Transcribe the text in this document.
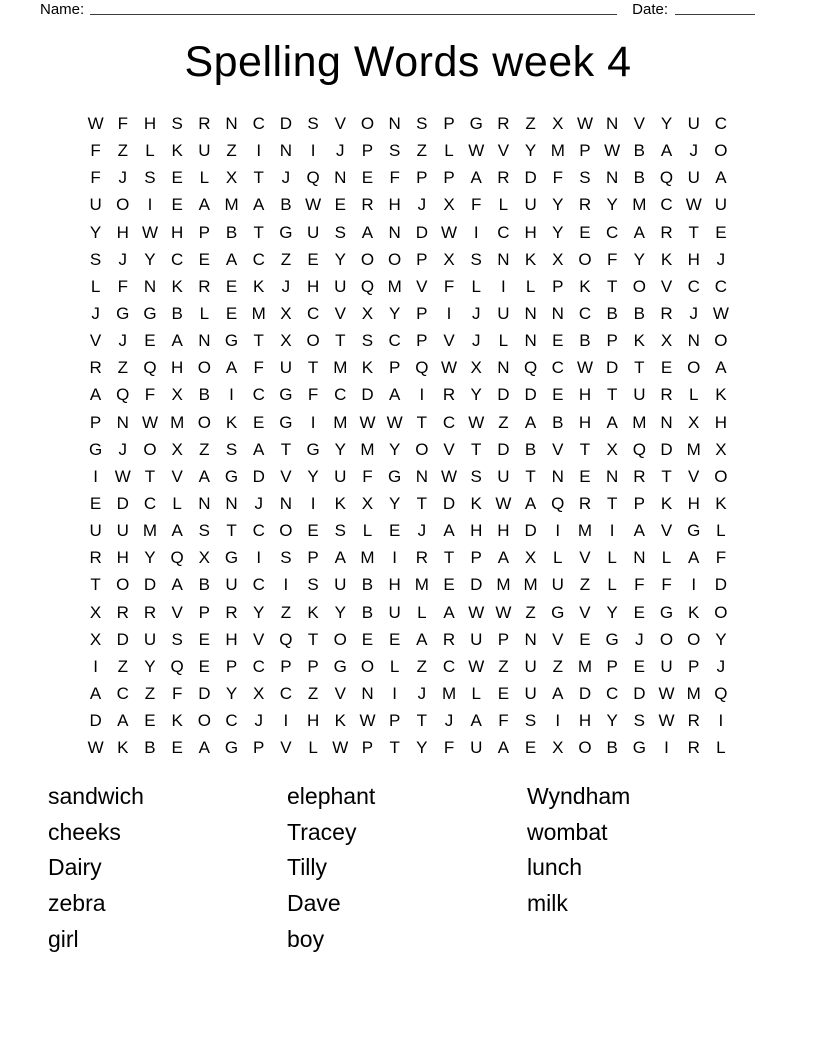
Name:	Date:
Spelling Words week 4
W F H S R N C D S V O N S P G R Z X W N V Y U C
F Z	L K U Z	I	N	I	J	P S Z	L W V Y M P W B A	J O
F	J	S E L X T	J Q N E F P P A R D F S N B Q U A
U O	I	E A M A B W E R H J	X F	L U Y R Y M C W U
Y H W H P B T G U S A N D W I	C H Y E C A R T E
S	J	Y C E A C Z E Y O O P X S N K X O F Y K H J
L	F N K R E K	J H U Q M V F	L	I	L P K T O V C C
J G G B L E M X C V X Y P	I	J U N N C B B R J W
V	J	E A N G T X O T S C P V	J	L N E B P K X N O
R Z Q H O A F U T M K P Q W X N Q C W D T E O A
A Q F X B	I	C G F C D A	I	R Y D D E H T U R L K
P N W M O K E G	I	M W W T C W Z A B H A M N X H
G J O X Z S A T G Y M Y O V T D B V T X Q D M X
I W T V A G D V Y U F G N W S U T N E N R T V O
E D C L N N J N	I	K X Y T D K W A Q R T P K H K
U U M A S T C O E S L E	J	A H H D	I	M	I	A V G L
R H Y Q X G	I	S P A M	I	R T P A X L V L N L A F
T O D A B U C	I	S U B H M E D M M U Z	L	F F	I	D
X R R V P R Y Z K Y B U L A W W Z G V Y E G K O
X D U S E H V Q T O E E A R U P N V E G J O O Y
I	Z Y Q E P C P P G O L	Z C W Z U Z M P E U P	J
A C Z F D Y X C Z V N	I	J M L E U A D C D W M Q
D A E K O C J	I	H K W P T	J	A F S	I	H Y S W R	I
W K B E A G P V L W P T Y F U A E X O B G	I	R L
sandwich
cheeks
Dairy
zebra
girl
elephant
Tracey
Tilly
Dave
boy
Wyndham
wombat
lunch
milk
